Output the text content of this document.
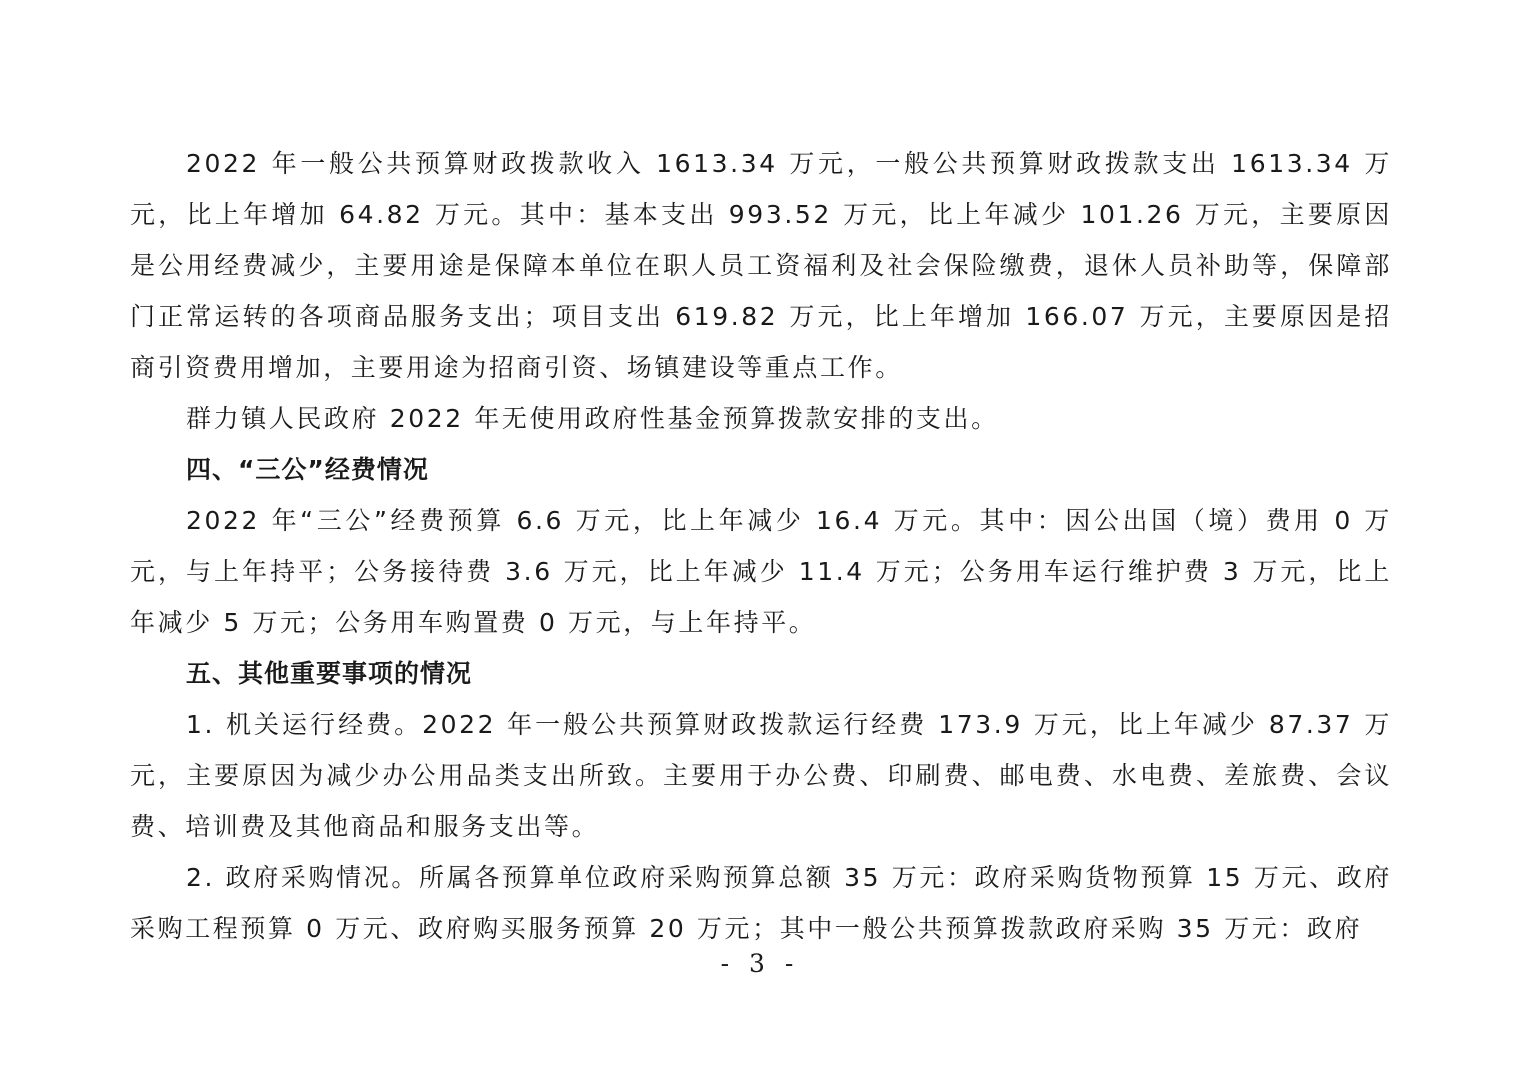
2022 年一般公共预算财政拨款收入 1613.34 万元，一般公共预算财政拨款支出 1613.34 万元，比上年增加 64.82 万元。其中：基本支出 993.52 万元，比上年减少 101.26 万元，主要原因是公用经费减少，主要用途是保障本单位在职人员工资福利及社会保险缴费，退休人员补助等，保障部门正常运转的各项商品服务支出；项目支出 619.82 万元，比上年增加 166.07 万元，主要原因是招商引资费用增加，主要用途为招商引资、场镇建设等重点工作。

群力镇人民政府 2022 年无使用政府性基金预算拨款安排的支出。

四、“三公”经费情况

2022 年“三公”经费预算 6.6 万元，比上年减少 16.4 万元。其中：因公出国（境）费用 0 万元，与上年持平；公务接待费 3.6 万元，比上年减少 11.4 万元；公务用车运行维护费 3 万元，比上年减少 5 万元；公务用车购置费 0 万元，与上年持平。

五、其他重要事项的情况

1. 机关运行经费。2022 年一般公共预算财政拨款运行经费 173.9 万元，比上年减少 87.37 万元，主要原因为减少办公用品类支出所致。主要用于办公费、印刷费、邮电费、水电费、差旅费、会议费、培训费及其他商品和服务支出等。

2. 政府采购情况。所属各预算单位政府采购预算总额 35 万元：政府采购货物预算 15 万元、政府采购工程预算 0 万元、政府购买服务预算 20 万元；其中一般公共预算拨款政府采购 35 万元：政府

- 3 -
